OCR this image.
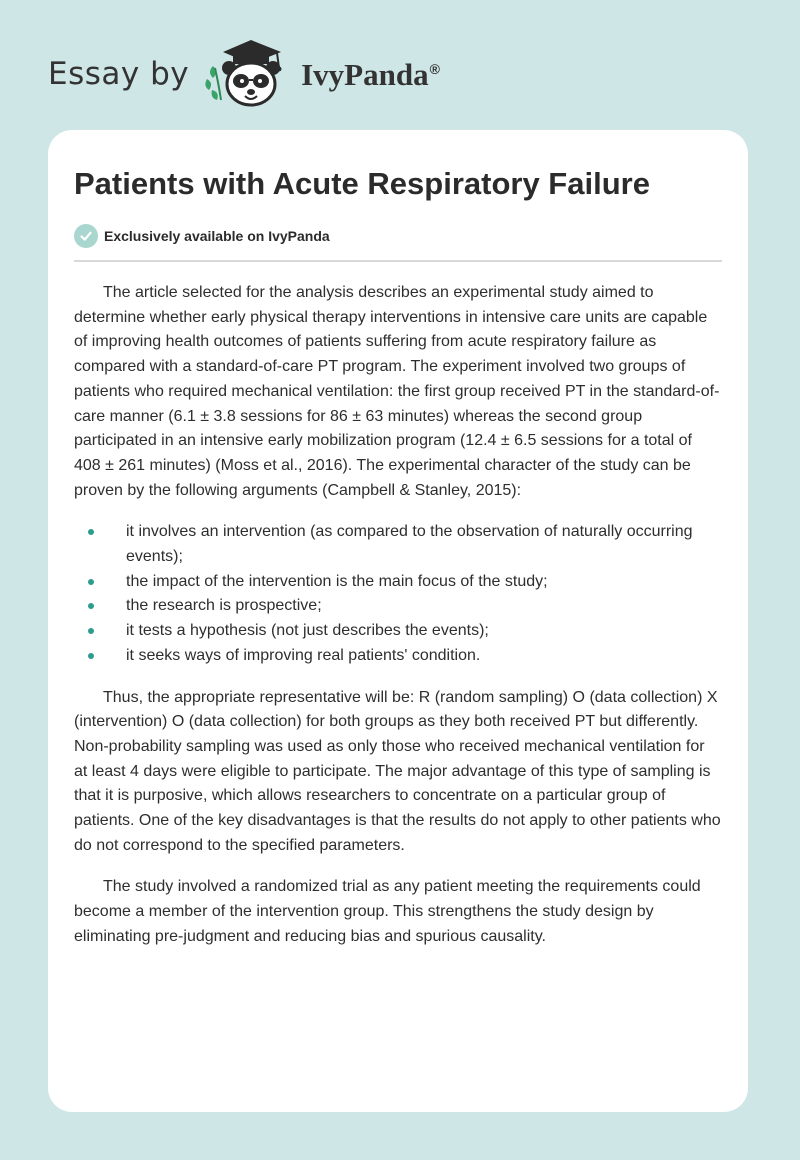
Essay by	IvyPanda®
Patients with Acute Respiratory Failure
Exclusively available on IvyPanda

The article selected for the analysis describes an experimental study aimed to determine whether early physical therapy interventions in intensive care units are capable of improving health outcomes of patients suffering from acute respiratory failure as compared with a standard-of-care PT program. The experiment involved two groups of patients who required mechanical ventilation: the first group received PT in the standard-of-care manner (6.1 ± 3.8 sessions for 86 ± 63 minutes) whereas the second group participated in an intensive early mobilization program (12.4 ± 6.5 sessions for a total of 408 ± 261 minutes) (Moss et al., 2016). The experimental character of the study can be proven by the following arguments (Campbell & Stanley, 2015):

it involves an intervention (as compared to the observation of naturally occurring events);
the impact of the intervention is the main focus of the study;
the research is prospective;
it tests a hypothesis (not just describes the events);
it seeks ways of improving real patients' condition.

Thus, the appropriate representative will be: R (random sampling) O (data collection) X (intervention) O (data collection) for both groups as they both received PT but differently. Non-probability sampling was used as only those who received mechanical ventilation for at least 4 days were eligible to participate. The major advantage of this type of sampling is that it is purposive, which allows researchers to concentrate on a particular group of patients. One of the key disadvantages is that the results do not apply to other patients who do not correspond to the specified parameters.

The study involved a randomized trial as any patient meeting the requirements could become a member of the intervention group. This strengthens the study design by eliminating pre-judgment and reducing bias and spurious causality.
